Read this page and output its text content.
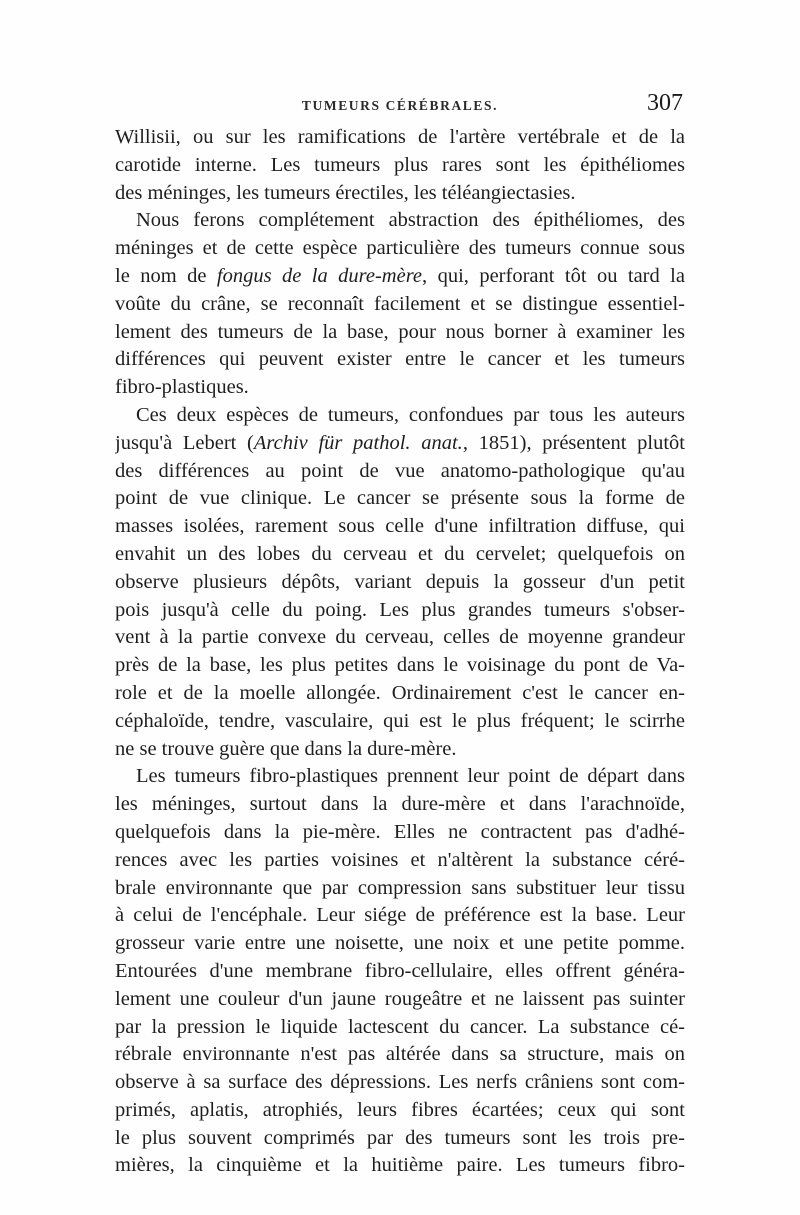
TUMEURS CÉRÉBRALES.	307

Willisii, ou sur les ramifications de l'artère vertébrale et de la
carotide interne. Les tumeurs plus rares sont les épithéliomes
des méninges, les tumeurs érectiles, les téléangiectasies.

Nous ferons complétement abstraction des épithéliomes, des
méninges et de cette espèce particulière des tumeurs connue sous
le nom de fongus de la dure-mère, qui, perforant tôt ou tard la
voûte du crâne, se reconnaît facilement et se distingue essentiel-
lement des tumeurs de la base, pour nous borner à examiner les
différences qui peuvent exister entre le cancer et les tumeurs
fibro-plastiques.

Ces deux espèces de tumeurs, confondues par tous les auteurs
jusqu'à Lebert (Archiv für pathol. anat., 1851), présentent plutôt
des différences au point de vue anatomo-pathologique qu'au
point de vue clinique. Le cancer se présente sous la forme de
masses isolées, rarement sous celle d'une infiltration diffuse, qui
envahit un des lobes du cerveau et du cervelet; quelquefois on
observe plusieurs dépôts, variant depuis la gosseur d'un petit
pois jusqu'à celle du poing. Les plus grandes tumeurs s'obser-
vent à la partie convexe du cerveau, celles de moyenne grandeur
près de la base, les plus petites dans le voisinage du pont de Va-
role et de la moelle allongée. Ordinairement c'est le cancer en-
céphaloïde, tendre, vasculaire, qui est le plus fréquent; le scirrhe
ne se trouve guère que dans la dure-mère.

Les tumeurs fibro-plastiques prennent leur point de départ dans
les méninges, surtout dans la dure-mère et dans l'arachnoïde,
quelquefois dans la pie-mère. Elles ne contractent pas d'adhé-
rences avec les parties voisines et n'altèrent la substance céré-
brale environnante que par compression sans substituer leur tissu
à celui de l'encéphale. Leur siége de préférence est la base. Leur
grosseur varie entre une noisette, une noix et une petite pomme.
Entourées d'une membrane fibro-cellulaire, elles offrent généra-
lement une couleur d'un jaune rougeâtre et ne laissent pas suinter
par la pression le liquide lactescent du cancer. La substance cé-
rébrale environnante n'est pas altérée dans sa structure, mais on
observe à sa surface des dépressions. Les nerfs crâniens sont com-
primés, aplatis, atrophiés, leurs fibres écartées; ceux qui sont
le plus souvent comprimés par des tumeurs sont les trois pre-
mières, la cinquième et la huitième paire. Les tumeurs fibro-
